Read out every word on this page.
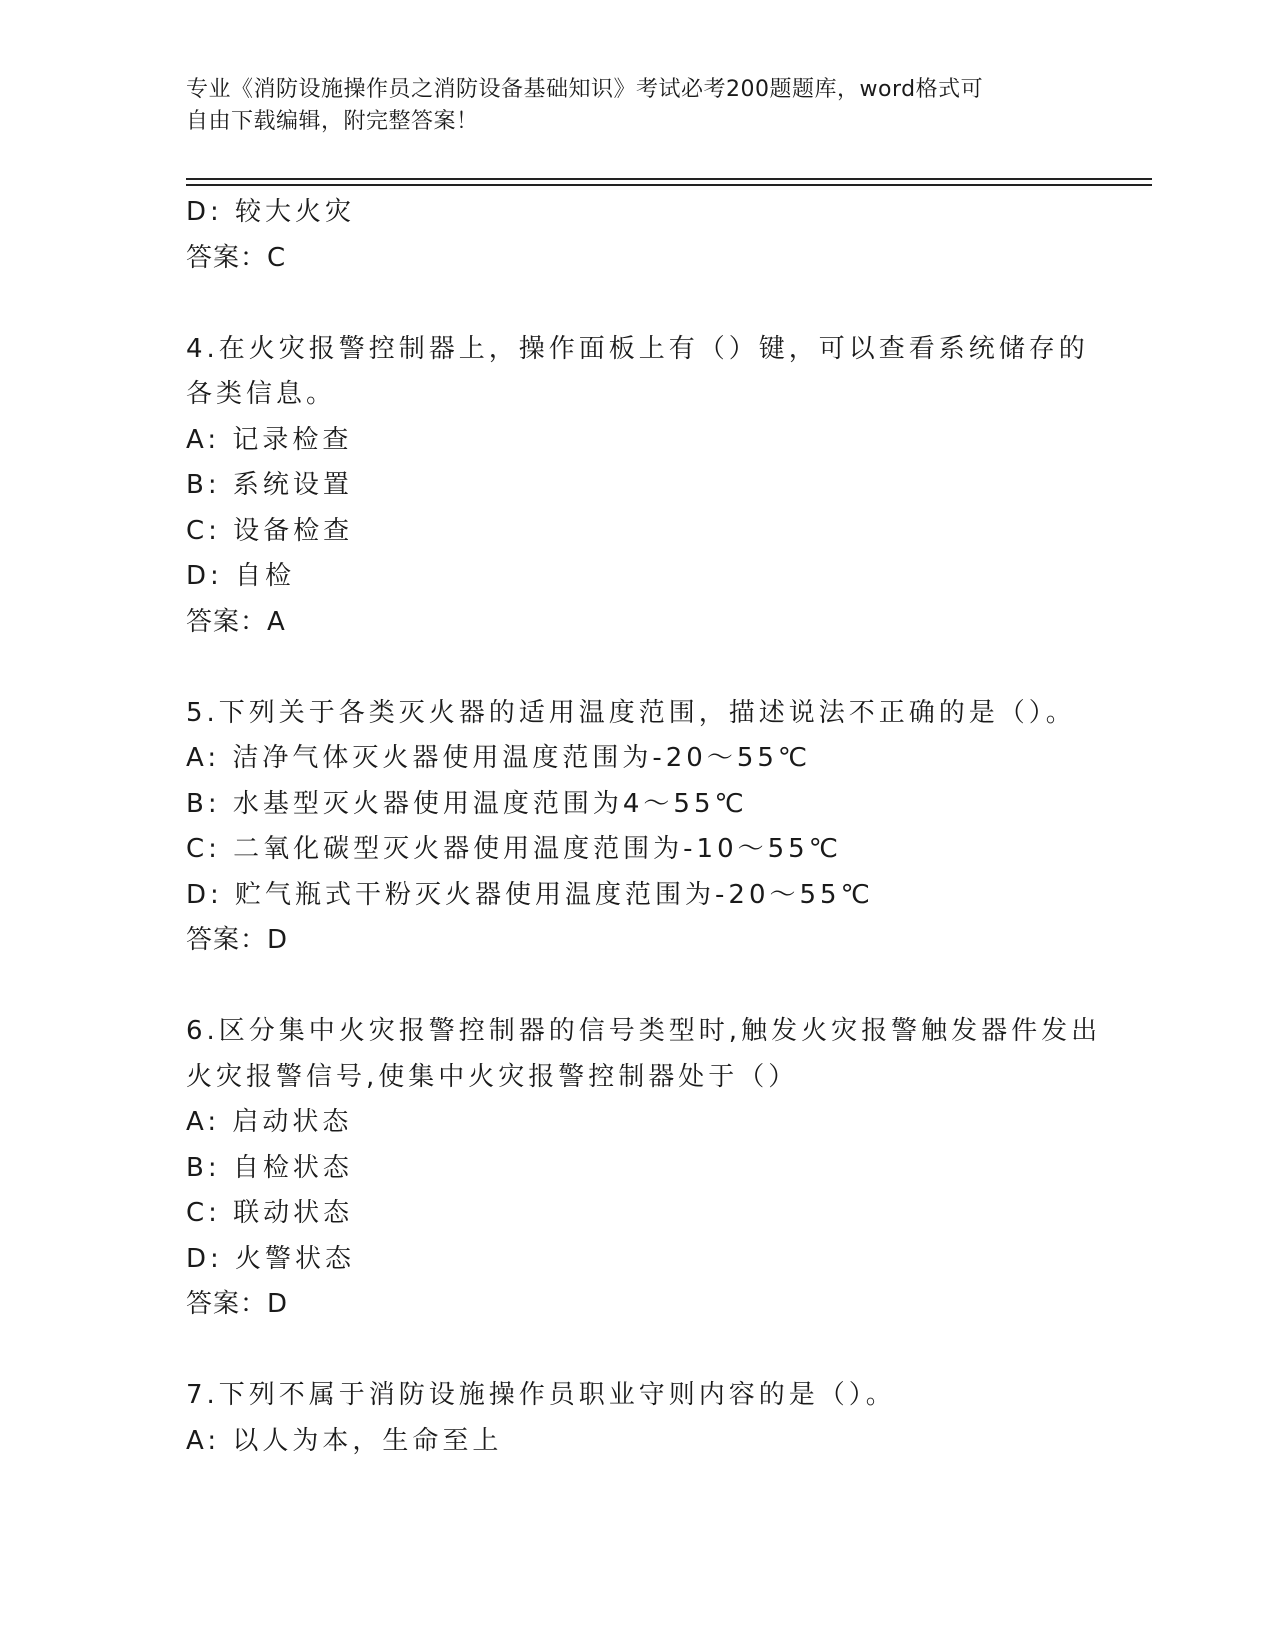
专业《消防设施操作员之消防设备基础知识》考试必考200题题库，word格式可
自由下载编辑，附完整答案！
D: 较大火灾
答案：C
4.在火灾报警控制器上，操作面板上有（）键，可以查看系统储存的
各类信息。
A: 记录检查
B: 系统设置
C: 设备检查
D: 自检
答案：A
5.下列关于各类灭火器的适用温度范围，描述说法不正确的是（）。
A: 洁净气体灭火器使用温度范围为-20～55℃
B: 水基型灭火器使用温度范围为4～55℃
C: 二氧化碳型灭火器使用温度范围为-10～55℃
D: 贮气瓶式干粉灭火器使用温度范围为-20～55℃
答案：D
6.区分集中火灾报警控制器的信号类型时,触发火灾报警触发器件发出
火灾报警信号,使集中火灾报警控制器处于（）
A: 启动状态
B: 自检状态
C: 联动状态
D: 火警状态
答案：D
7.下列不属于消防设施操作员职业守则内容的是（）。
A: 以人为本，生命至上
